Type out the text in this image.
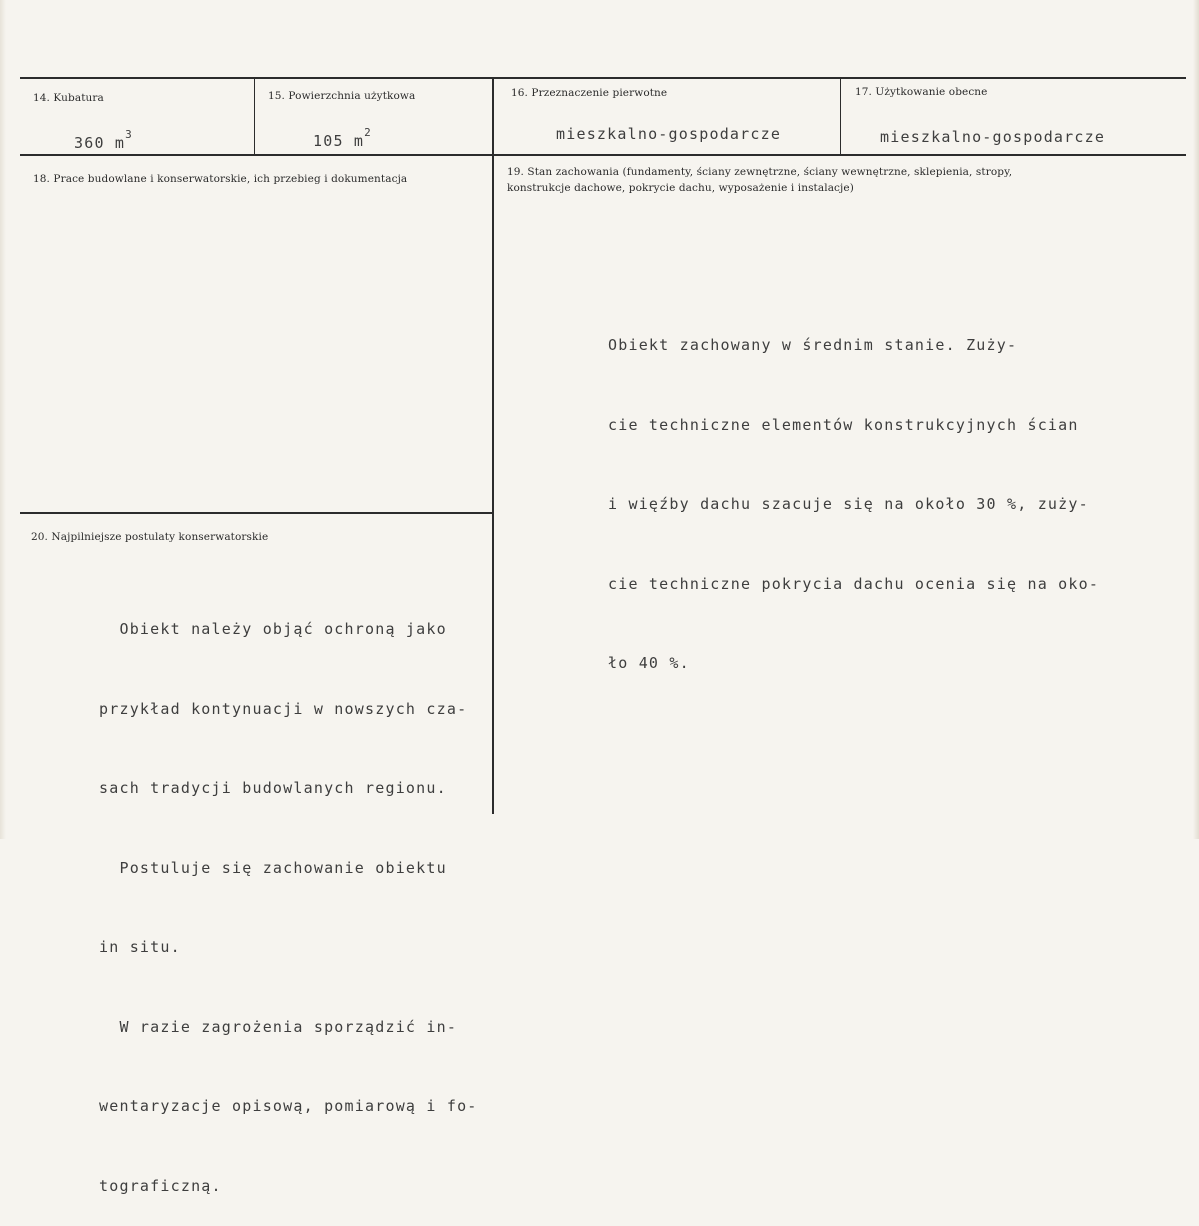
14. Kubatura
360 $m^3$
15. Powierzchnia użytkowa
105 $m^2$
16. Przeznaczenie pierwotne
mieszkalno-gospodarcze
17. Użytkowanie obecne
mieszkalno-gospodarcze
18. Prace budowlane i konserwatorskie, ich przebieg i dokumentacja
19. Stan zachowania (fundamenty, ściany zewnętrzne, ściany wewnętrzne, sklepienia, stropy,
konstrukcje dachowe, pokrycie dachu, wyposażenie i instalacje)

Obiekt zachowany w średnim stanie. Zuży-

cie techniczne elementów konstrukcyjnych ścian

i więźby dachu szacuje się na około 30 %, zuży-

cie techniczne pokrycia dachu ocenia się na oko-

ło 40 %.

20. Najpilniejsze postulaty konserwatorskie

Obiekt należy objąć ochroną jako

przykład kontynuacji w nowszych cza-

sach tradycji budowlanych regionu.

Postuluje się zachowanie obiektu

in situ.

W razie zagrożenia sporządzić in-

wentaryzacje opisową, pomiarową i fo-

tograficzną.
